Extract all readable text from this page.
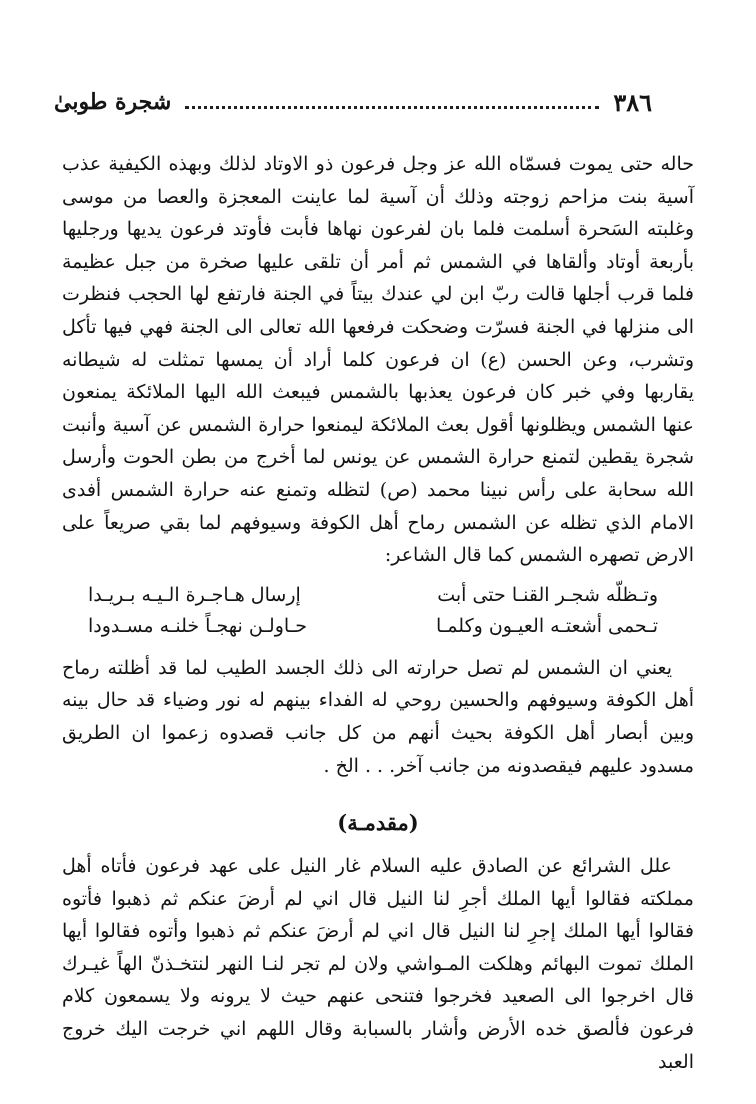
٣٨٦
شجرة طوبىٰ

حاله حتى يموت فسمّاه الله عز وجل فرعون ذو الاوتاد لذلك وبهذه الكيفية عذب آسية بنت مزاحم زوجته وذلك أن آسية لما عاينت المعجزة والعصا من موسى وغلبته السَحرة أسلمت فلما بان لفرعون نهاها فأبت فأوتد فرعون يديها ورجليها بأربعة أوتاد وألقاها في الشمس ثم أمر أن تلقى عليها صخرة من جبل عظيمة فلما قرب أجلها قالت ربّ ابن لي عندك بيتاً في الجنة فارتفع لها الحجب فنظرت الى منزلها في الجنة فسرّت وضحكت فرفعها الله تعالى الى الجنة فهي فيها تأكل وتشرب، وعن الحسن (ع) ان فرعون كلما أراد أن يمسها تمثلت له شيطانه يقاربها وفي خبر كان فرعون يعذبها بالشمس فيبعث الله اليها الملائكة يمنعون عنها الشمس ويظلونها أقول بعث الملائكة ليمنعوا حرارة الشمس عن آسية وأنبت شجرة يقطين لتمنع حرارة الشمس عن يونس لما أخرج من بطن الحوت وأرسل الله سحابة على رأس نبينا محمد (ص) لتظله وتمنع عنه حرارة الشمس أفدى الامام الذي تظله عن الشمس رماح أهل الكوفة وسيوفهم لما بقي صريعاً على الارض تصهره الشمس كما قال الشاعر:

وتـظلّه شجـر القنـا حتى أبت
إرسال هـاجـرة الـيـه بـريـدا
تـحمى أشعتـه العيـون وكلمـا
حـاولـن نهجـاً خلنـه مسـدودا

يعني ان الشمس لم تصل حرارته الى ذلك الجسد الطيب لما قد أظلته رماح أهل الكوفة وسيوفهم والحسين روحي له الفداء بينهم له نور وضياء قد حال بينه وبين أبصار أهل الكوفة بحيث أنهم من كل جانب قصدوه زعموا ان الطريق مسدود عليهم فيقصدونه من جانب آخر. . . الخ .

(مقدمـة)

علل الشرائع عن الصادق عليه السلام غار النيل على عهد فرعون فأتاه أهل مملكته فقالوا أيها الملك أجرِ لنا النيل قال اني لم أرضَ عنكم ثم ذهبوا فأتوه فقالوا أيها الملك إجرِ لنا النيل قال اني لم أرضَ عنكم ثم ذهبوا وأتوه فقالوا أيها الملك تموت البهائم وهلكت المـواشي ولان لم تجر لنـا النهر لنتخـذنّ الهاً غيـرك قال اخرجوا الى الصعيد فخرجوا فتنحى عنهم حيث لا يرونه ولا يسمعون كلام فرعون فألصق خده الأرض وأشار بالسبابة وقال اللهم اني خرجت اليك خروج العبد
